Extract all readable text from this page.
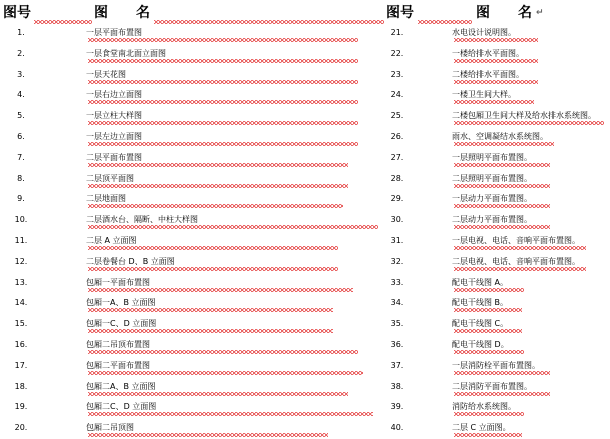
图号	图　　名	图号	图　　名 ↵
1.	一层平面布置图
2.	一层食堂南北面立面图
3.	一层天花图
4.	一层右边立面图
5.	一层立柱大样图
6.	一层左边立面图
7.	二层平面布置图
8.	二层顶平面图
9.	二层地面图
10.	二层酒水台、隔断、中柱大样图
11.	二层 A 立面图
12.	二层卷餐台 D、B 立面图
13.	包厢一平面布置图
14.	包厢一A、B 立面图
15.	包厢一C、D 立面图
16.	包厢二吊顶布置图
17.	包厢二平面布置图
18.	包厢二A、B 立面图
19.	包厢二C、D 立面图
20.	包厢二吊顶图
21.	水电设计说明图。
22.	一楼给排水平面图。
23.	二楼给排水平面图。
24.	一楼卫生间大样。
25.	二楼包厢卫生间大样及给水排水系统图。
26.	雨水、空调凝结水系统图。
27.	一层照明平面布置图。
28.	二层照明平面布置图。
29.	一层动力平面布置图。
30.	二层动力平面布置图。
31.	一层电视、电话、音响平面布置图。
32.	二层电视、电话、音响平面布置图。
33.	配电干线图 A。
34.	配电干线图 B。
35.	配电干线图 C。
36.	配电干线图 D。
37.	一层消防栓平面布置图。
38.	二层消防平面布置图。
39.	消防给水系统图。
40.	二层 C 立面图。
